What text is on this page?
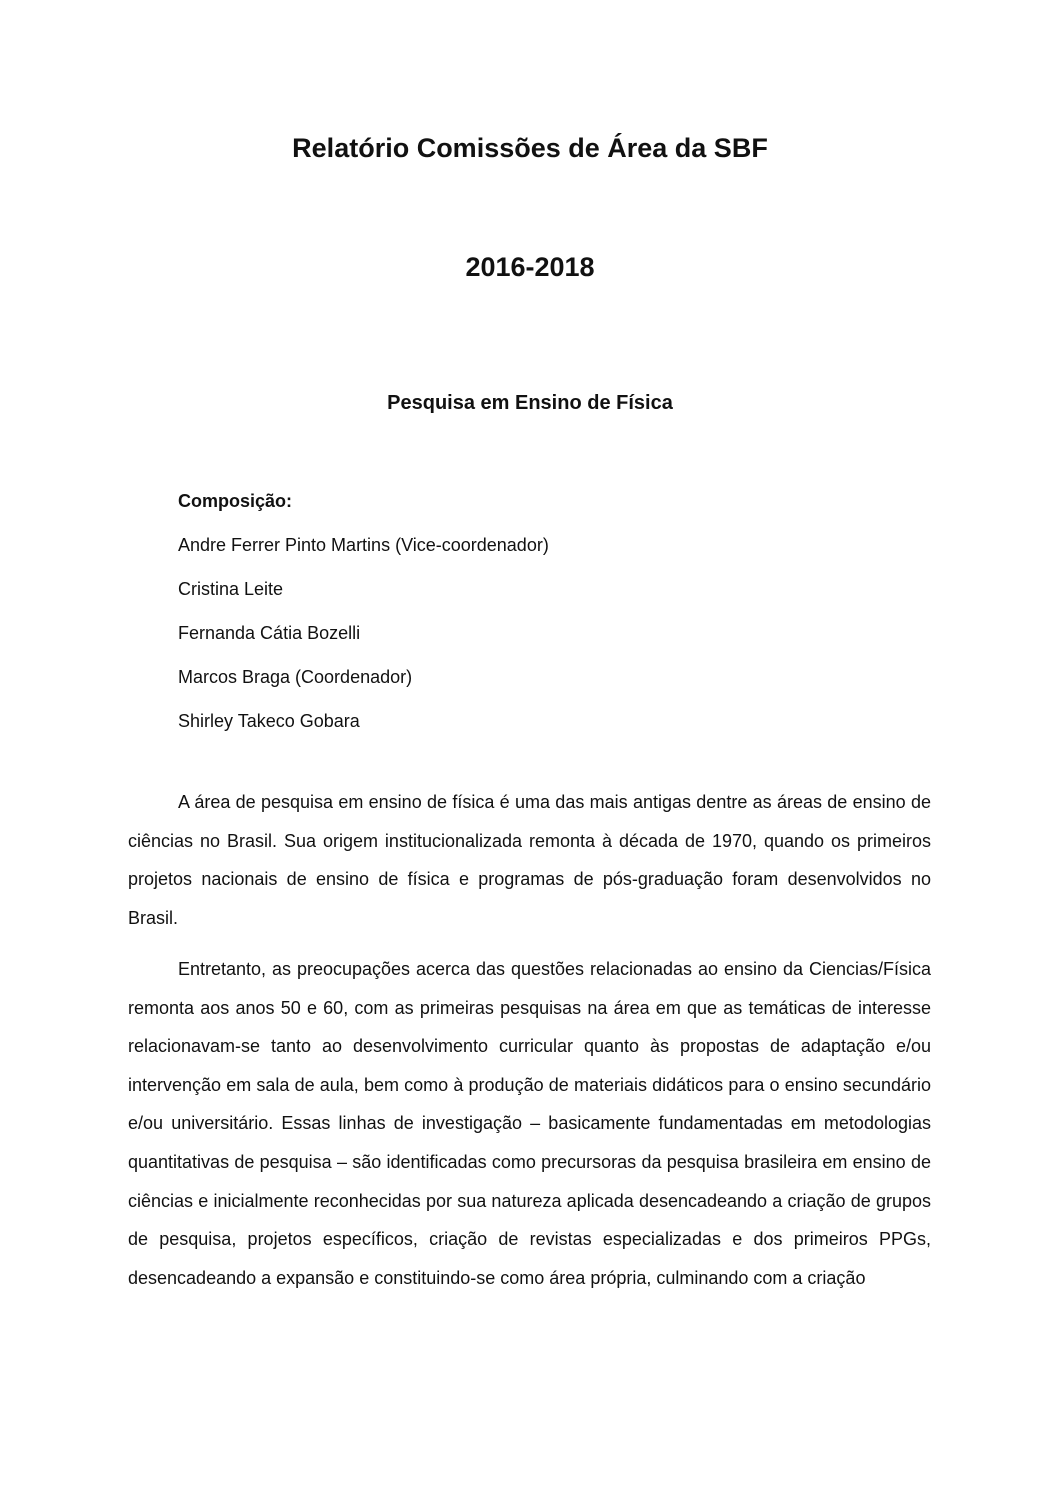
Relatório Comissões de Área da SBF
2016-2018
Pesquisa em Ensino de Física
Composição:
Andre Ferrer Pinto Martins (Vice-coordenador)
Cristina Leite
Fernanda Cátia Bozelli
Marcos Braga (Coordenador)
Shirley Takeco Gobara

A área de pesquisa em ensino de física é uma das mais antigas dentre as áreas de ensino de ciências no Brasil. Sua origem institucionalizada remonta à década de 1970, quando os primeiros projetos nacionais de ensino de física e programas de pós-graduação foram desenvolvidos no Brasil.

Entretanto, as preocupações acerca das questões relacionadas ao ensino da Ciencias/Física remonta aos anos 50 e 60, com as primeiras pesquisas na área em que as temáticas de interesse relacionavam-se tanto ao desenvolvimento curricular quanto às propostas de adaptação e/ou intervenção em sala de aula, bem como à produção de materiais didáticos para o ensino secundário e/ou universitário. Essas linhas de investigação – basicamente fundamentadas em metodologias quantitativas de pesquisa – são identificadas como precursoras da pesquisa brasileira em ensino de ciências e inicialmente reconhecidas por sua natureza aplicada desencadeando a criação de grupos de pesquisa, projetos específicos, criação de revistas especializadas e dos primeiros PPGs, desencadeando a expansão e constituindo-se como área própria, culminando com a criação
